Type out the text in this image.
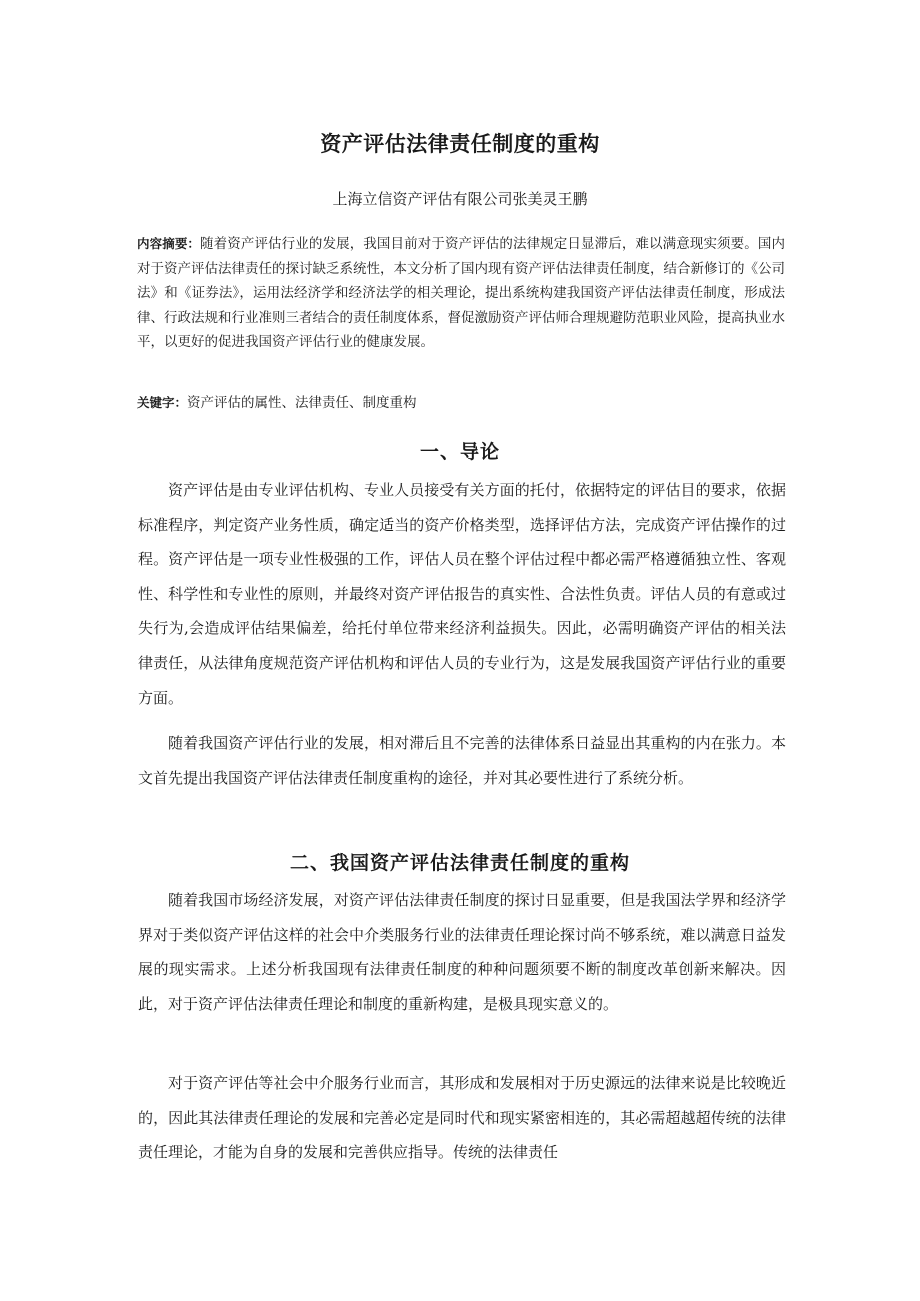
资产评估法律责任制度的重构

上海立信资产评估有限公司张美灵王鹏

内容摘要：随着资产评估行业的发展，我国目前对于资产评估的法律规定日显滞后，难以满意现实须要。国内对于资产评估法律责任的探讨缺乏系统性，本文分析了国内现有资产评估法律责任制度，结合新修订的《公司法》和《证券法》，运用法经济学和经济法学的相关理论，提出系统构建我国资产评估法律责任制度，形成法律、行政法规和行业准则三者结合的责任制度体系，督促激励资产评估师合理规避防范职业风险，提高执业水平，以更好的促进我国资产评估行业的健康发展。

关键字：资产评估的属性、法律责任、制度重构

一、导论

资产评估是由专业评估机构、专业人员接受有关方面的托付，依据特定的评估目的要求，依据标准程序，判定资产业务性质，确定适当的资产价格类型，选择评估方法，完成资产评估操作的过程。资产评估是一项专业性极强的工作，评估人员在整个评估过程中都必需严格遵循独立性、客观性、科学性和专业性的原则，并最终对资产评估报告的真实性、合法性负责。评估人员的有意或过失行为,会造成评估结果偏差，给托付单位带来经济利益损失。因此，必需明确资产评估的相关法律责任，从法律角度规范资产评估机构和评估人员的专业行为，这是发展我国资产评估行业的重要方面。

随着我国资产评估行业的发展，相对滞后且不完善的法律体系日益显出其重构的内在张力。本文首先提出我国资产评估法律责任制度重构的途径，并对其必要性进行了系统分析。

二、我国资产评估法律责任制度的重构

随着我国市场经济发展，对资产评估法律责任制度的探讨日显重要，但是我国法学界和经济学界对于类似资产评估这样的社会中介类服务行业的法律责任理论探讨尚不够系统，难以满意日益发展的现实需求。上述分析我国现有法律责任制度的种种问题须要不断的制度改革创新来解决。因此，对于资产评估法律责任理论和制度的重新构建，是极具现实意义的。

对于资产评估等社会中介服务行业而言，其形成和发展相对于历史源远的法律来说是比较晚近的，因此其法律责任理论的发展和完善必定是同时代和现实紧密相连的，其必需超越超传统的法律责任理论，才能为自身的发展和完善供应指导。传统的法律责任
